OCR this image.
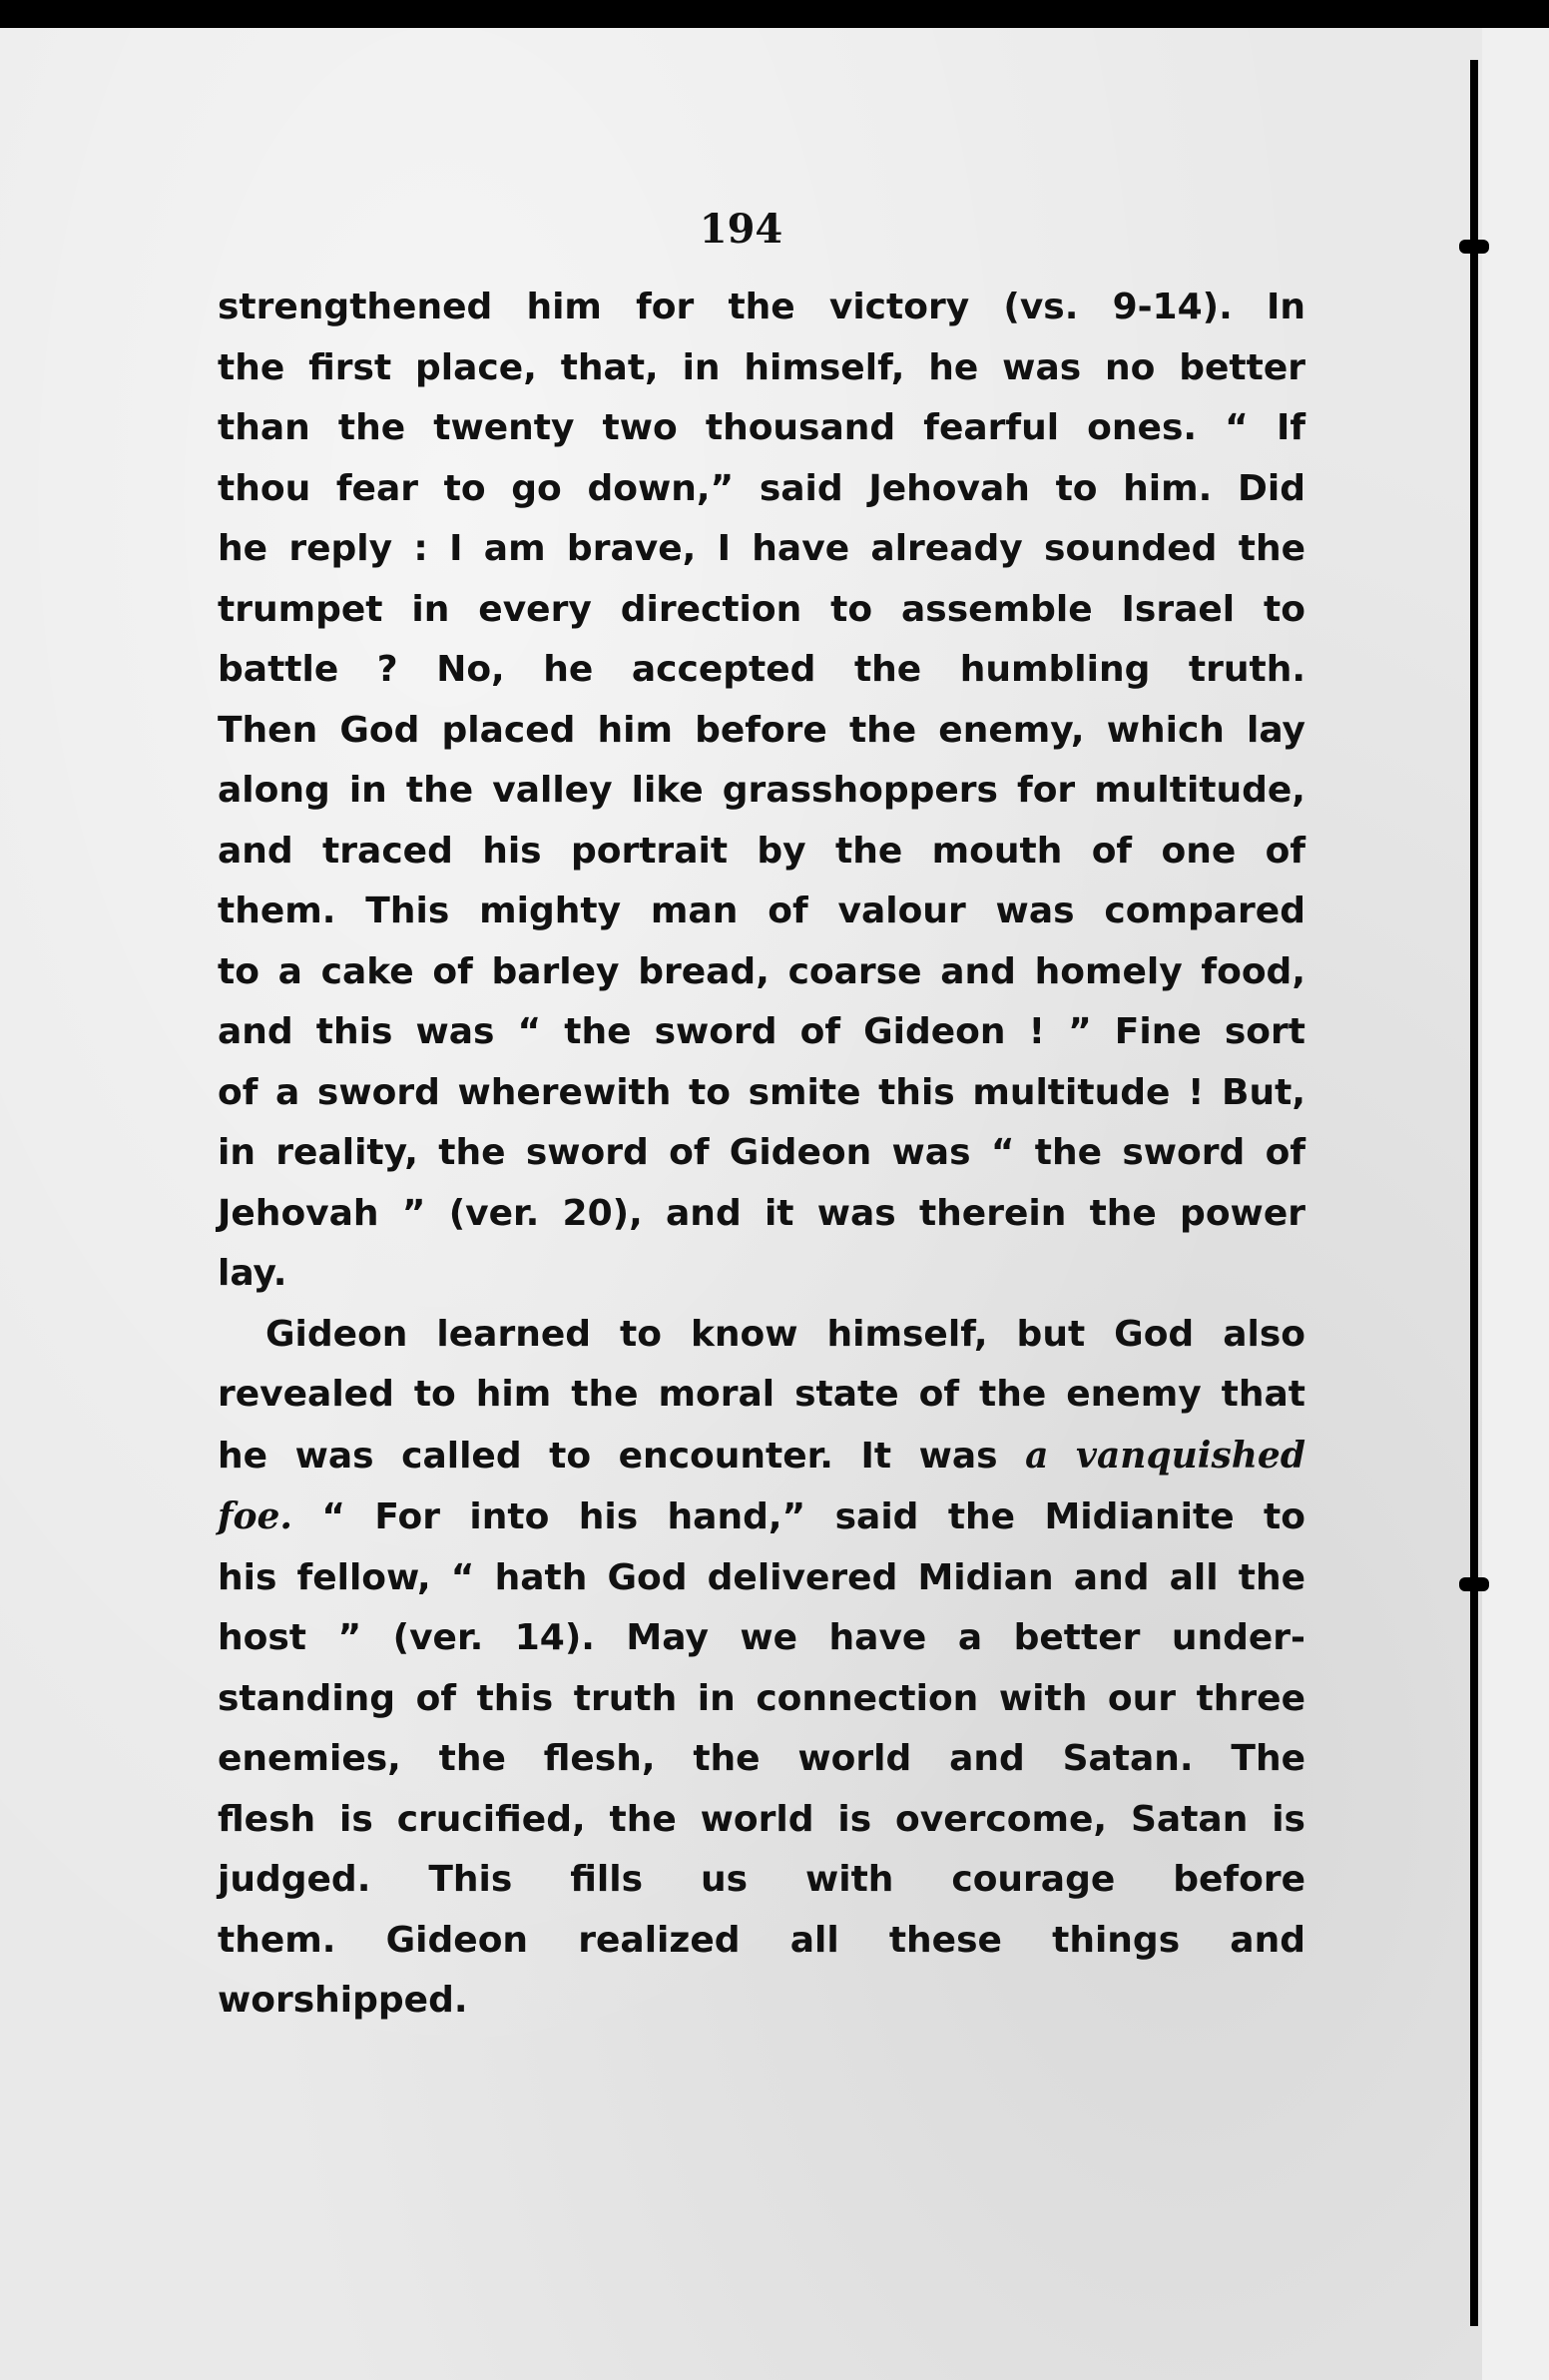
194
strengthened him for the victory (vs. 9-14). In
the first place, that, in himself, he was no better
than the twenty two thousand fearful ones. “ If
thou fear to go down,” said Jehovah to him. Did
he reply : I am brave, I have already sounded the
trumpet in every direction to assemble Israel to
battle ? No, he accepted the humbling truth.
Then God placed him before the enemy, which lay
along in the valley like grasshoppers for multitude,
and traced his portrait by the mouth of one of
them. This mighty man of valour was compared
to a cake of barley bread, coarse and homely food,
and this was “ the sword of Gideon ! ” Fine sort
of a sword wherewith to smite this multitude ! But,
in reality, the sword of Gideon was “ the sword of
Jehovah ” (ver. 20), and it was therein the power
lay.
Gideon learned to know himself, but God also
revealed to him the moral state of the enemy that
he was called to encounter. It was a vanquished
foe. “ For into his hand,” said the Midianite to
his fellow, “ hath God delivered Midian and all the
host ” (ver. 14). May we have a better under-
standing of this truth in connection with our three
enemies, the flesh, the world and Satan. The
flesh is crucified, the world is overcome, Satan is
judged. This fills us with courage before
them. Gideon realized all these things and
worshipped.
